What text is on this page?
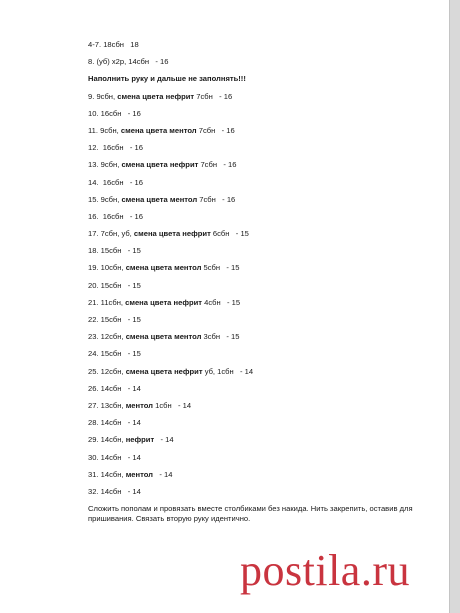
4-7. 18сбн   18
8. (уб) х2р, 14сбн   - 16
Наполнить руку и дальше не заполнять!!!
9. 9сбн, смена цвета нефрит 7сбн   - 16
10. 16сбн   - 16
11. 9сбн, смена цвета ментол 7сбн   - 16
12.  16сбн   - 16
13. 9сбн, смена цвета нефрит 7сбн   - 16
14.  16сбн   - 16
15. 9сбн, смена цвета ментол 7сбн   - 16
16.  16сбн   - 16
17. 7сбн, уб, смена цвета нефрит 6сбн   - 15
18. 15сбн   - 15
19. 10сбн, смена цвета ментол 5сбн   - 15
20. 15сбн   - 15
21. 11сбн, смена цвета нефрит 4сбн   - 15
22. 15сбн   - 15
23. 12сбн, смена цвета ментол 3сбн   - 15
24. 15сбн   - 15
25. 12сбн, смена цвета нефрит уб, 1сбн   - 14
26. 14сбн   - 14
27. 13сбн, ментол 1сбн   - 14
28. 14сбн   - 14
29. 14сбн, нефрит   - 14
30. 14сбн   - 14
31. 14сбн, ментол   - 14
32. 14сбн   - 14
Сложить пополам и провязать вместе столбиками без накида. Нить закрепить, оставив для пришивания. Связать вторую руку идентично.
postila.ru
